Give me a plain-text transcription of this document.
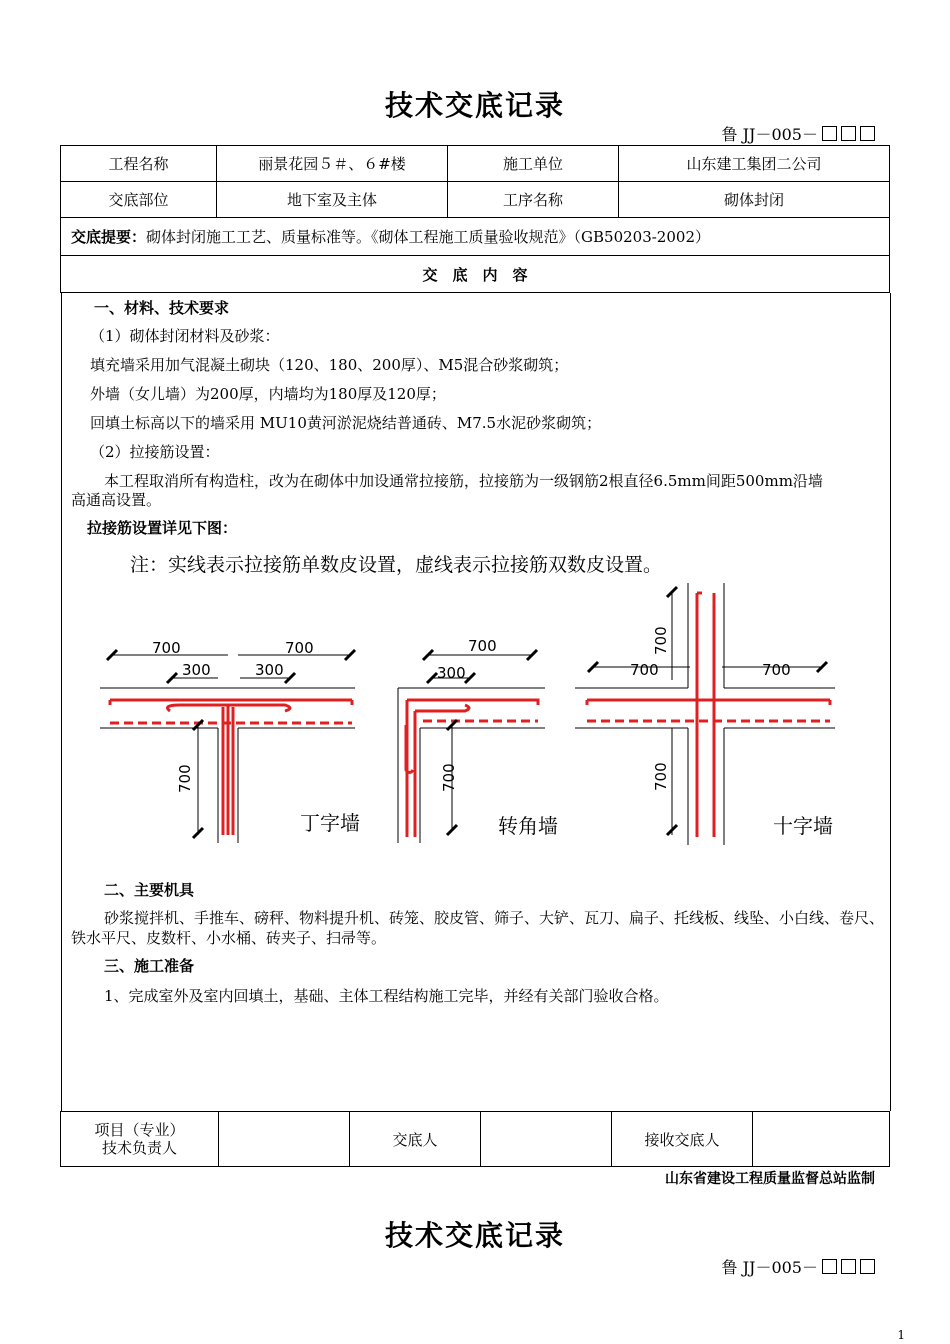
技术交底记录
鲁 JJ－005－
工程名称	丽景花园５＃、６#楼	施工单位	山东建工集团二公司
交底部位	地下室及主体	工序名称	砌体封闭
交底提要：砌体封闭施工工艺、质量标准等。《砌体工程施工质量验收规范》（GB50203-2002）			
交　底　内　容			
一、材料、技术要求
（1）砌体封闭材料及砂浆：
填充墙采用加气混凝土砌块（120、180、200厚）、M5混合砂浆砌筑；
外墙（女儿墙）为200厚，内墙均为180厚及120厚；
回填土标高以下的墙采用 MU10黄河淤泥烧结普通砖、M7.5水泥砂浆砌筑；
（2）拉接筋设置：
本工程取消所有构造柱，改为在砌体中加设通常拉接筋，拉接筋为一级钢筋2根直径6.5mm间距500mm沿墙
高通高设置。
拉接筋设置详见下图：
二、主要机具
砂浆搅拌机、手推车、磅秤、物料提升机、砖笼、胶皮管、筛子、大铲、瓦刀、扁子、托线板、线坠、小白线、卷尺、
铁水平尺、皮数杆、小水桶、砖夹子、扫帚等。
三、施工准备
1、完成室外及室内回填土，基础、主体工程结构施工完毕，并经有关部门验收合格。
注：实线表示拉接筋单数皮设置，虚线表示拉接筋双数皮设置。
700	700
300	300
700
丁字墙
700
300
700
转角墙
700	700
700
700
十字墙
项目（专业）
技术负责人		交底人		接收交底人	
山东省建设工程质量监督总站监制
技术交底记录
鲁 JJ－005－
1
